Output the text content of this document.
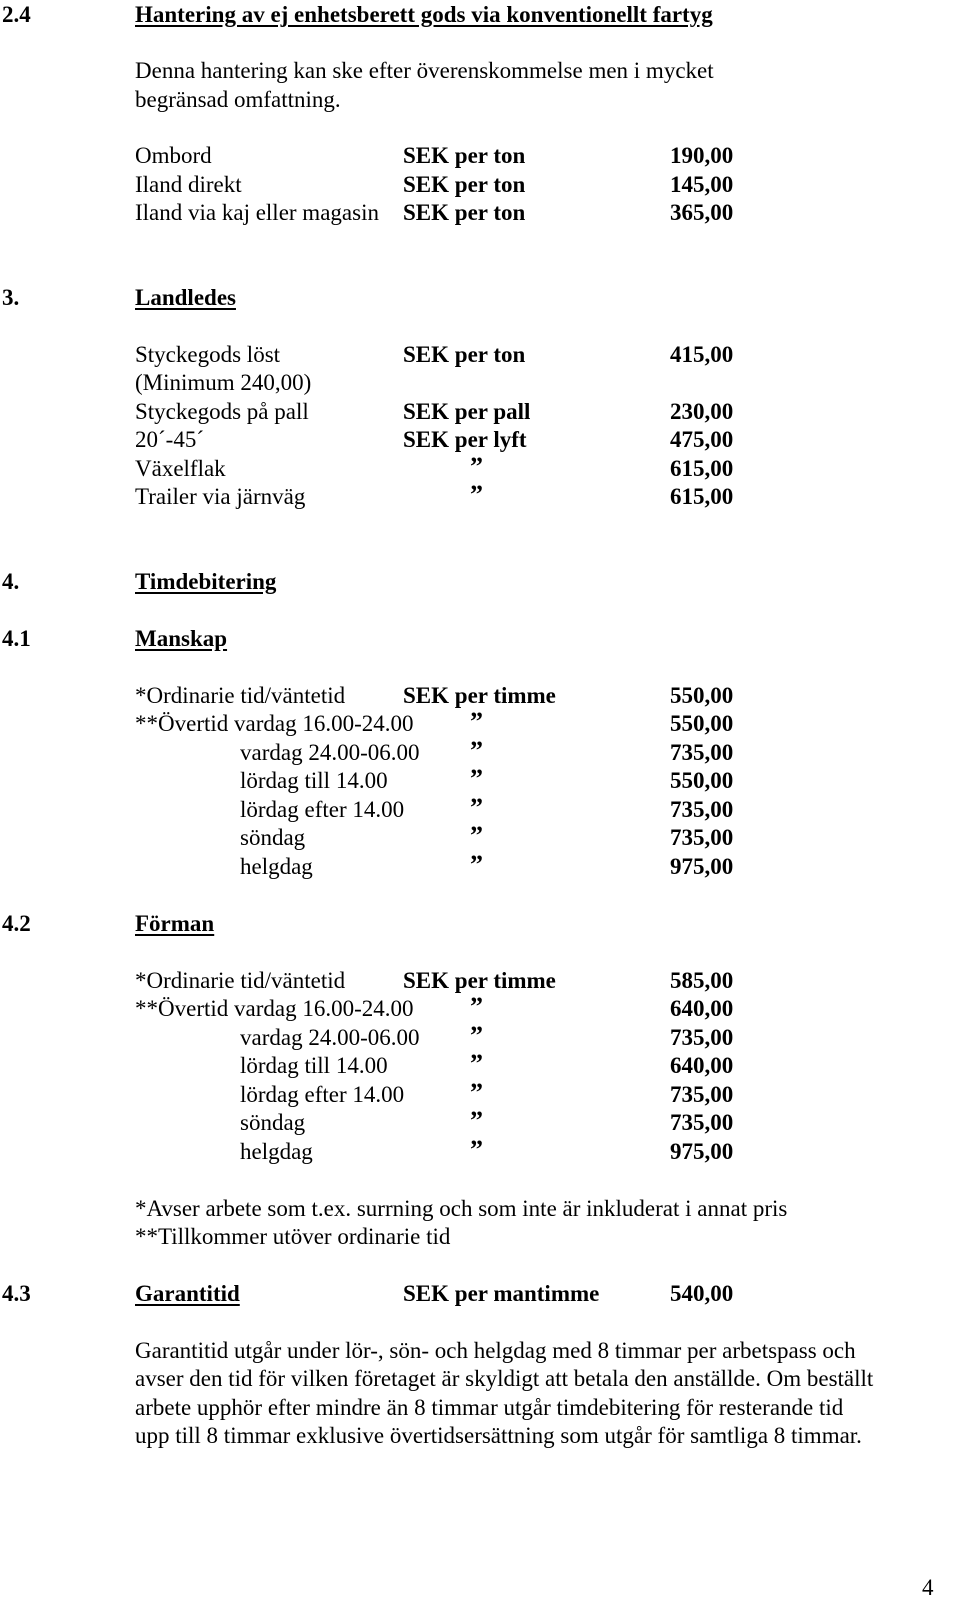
2.4	Hantering av ej enhetsberett gods via konventionellt fartyg
Denna hantering kan ske efter överenskommelse men i mycket
begränsad omfattning.
Ombord	SEK per ton	190,00
Iland direkt	SEK per ton	145,00
Iland via kaj eller magasin SEK per ton	365,00
3.	Landledes
Styckegods löst	SEK per ton	415,00
(Minimum 240,00)
Styckegods på pall	SEK per pall	230,00
20´-45´	SEK per lyft	475,00
Växelflak	”	615,00
Trailer via järnväg	”	615,00
4.	Timdebitering
4.1	Manskap
*Ordinarie tid/väntetid	SEK per timme	550,00
**Övertid vardag 16.00-24.00 ”	550,00
vardag 24.00-06.00 ”	735,00
lördag till 14.00	”	550,00
lördag efter 14.00	”	735,00
söndag	”	735,00
helgdag	”	975,00
4.2	Förman
*Ordinarie tid/väntetid	SEK per timme	585,00
**Övertid vardag 16.00-24.00 ”	640,00
vardag 24.00-06.00 ”	735,00
lördag till 14.00	”	640,00
lördag efter 14.00	”	735,00
söndag	”	735,00
helgdag	”	975,00
*Avser arbete som t.ex. surrning och som inte är inkluderat i annat pris
**Tillkommer utöver ordinarie tid
4.3	Garantitid	SEK per mantimme	540,00
Garantitid utgår under lör-, sön- och helgdag med 8 timmar per arbetspass och
avser den tid för vilken företaget är skyldigt att betala den anställde. Om beställt
arbete upphör efter mindre än 8 timmar utgår timdebitering för resterande tid
upp till 8 timmar exklusive övertidsersättning som utgår för samtliga 8 timmar.
4
